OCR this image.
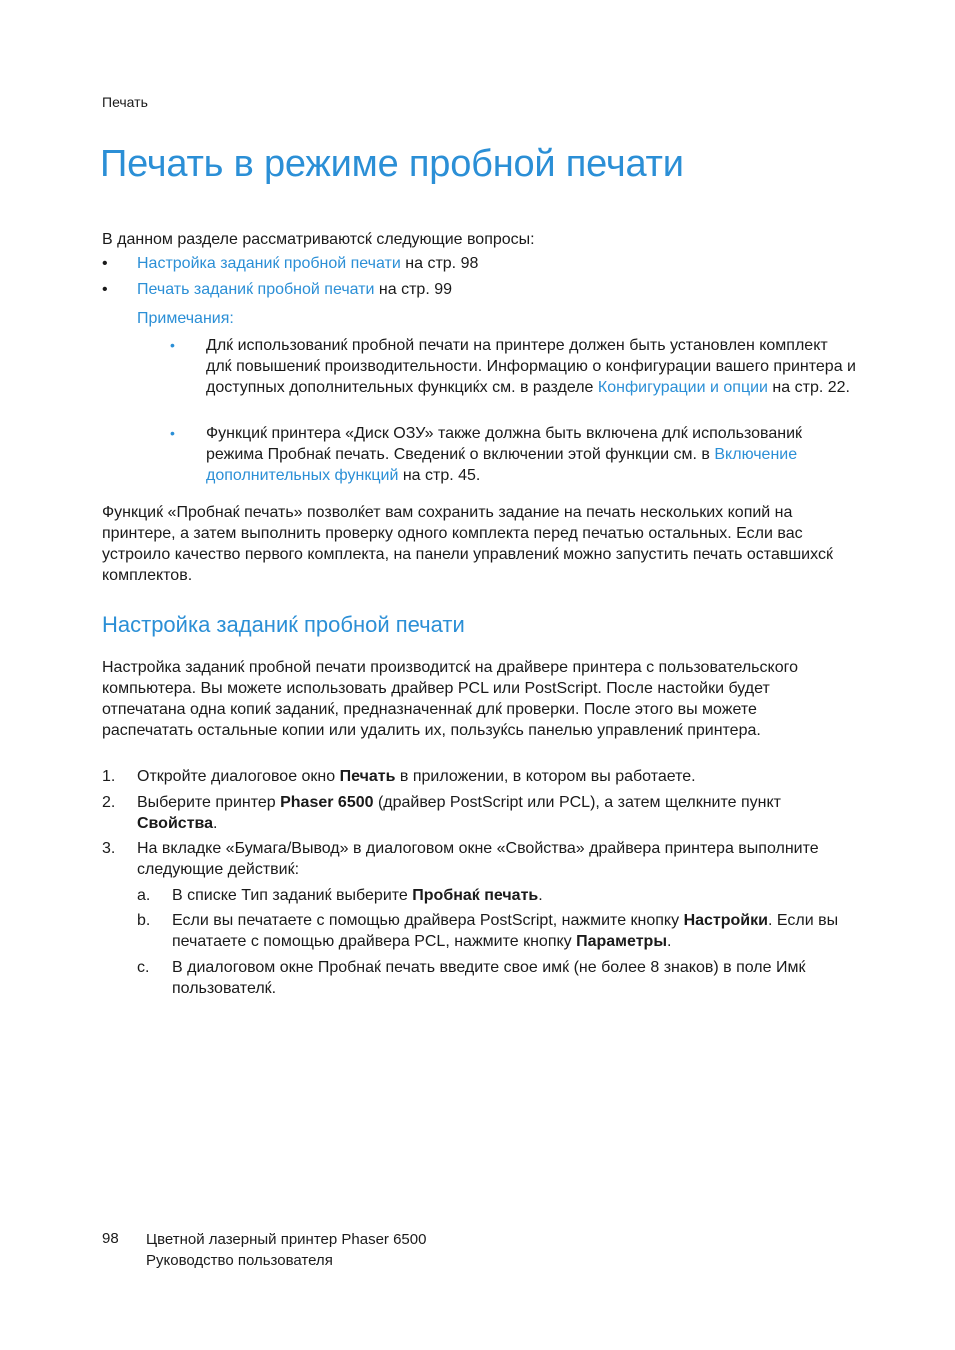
Печать
Печать в режиме пробной печати
В данном разделе рассматриваютсќ следующие вопросы:
• Настройка заданиќ пробной печати на стр. 98
• Печать заданиќ пробной печати на стр. 99
Примечания:
• Длќ использованиќ пробной печати на принтере должен быть установлен комплект длќ повышениќ производительности. Информацию о конфигурации вашего принтера и доступных дополнительных функциќх см. в разделе Конфигурации и опции на стр. 22.
• Функциќ принтера «Диск ОЗУ» также должна быть включена длќ использованиќ режима Пробнаќ печать. Сведениќ о включении этой функции см. в Включение дополнительных функций на стр. 45.
Функциќ «Пробнаќ печать» позволќет вам сохранить задание на печать нескольких копий на принтере, а затем выполнить проверку одного комплекта перед печатью остальных. Если вас устроило качество первого комплекта, на панели управлениќ можно запустить печать оставшихсќ комплектов.
Настройка заданиќ пробной печати
Настройка заданиќ пробной печати производитсќ на драйвере принтера с пользовательского компьютера. Вы можете использовать драйвер PCL или PostScript. После настойки будет отпечатана одна копиќ заданиќ, предназначеннаќ длќ проверки. После этого вы можете распечатать остальные копии или удалить их, пользуќсь панелью управлениќ принтера.
1. Откройте диалоговое окно Печать в приложении, в котором вы работаете.
2. Выберите принтер Phaser 6500 (драйвер PostScript или PCL), а затем щелкните пункт Свойства.
3. На вкладке «Бумага/Вывод» в диалоговом окне «Свойства» драйвера принтера выполните следующие действиќ:
a. В списке Тип заданиќ выберите Пробнаќ печать.
b. Если вы печатаете с помощью драйвера PostScript, нажмите кнопку Настройки. Если вы печатаете с помощью драйвера PCL, нажмите кнопку Параметры.
c. В диалоговом окне Пробнаќ печать введите свое имќ (не более 8 знаков) в поле Имќ пользователќ.
98 Цветной лазерный принтер Phaser 6500
Руководство пользователя
